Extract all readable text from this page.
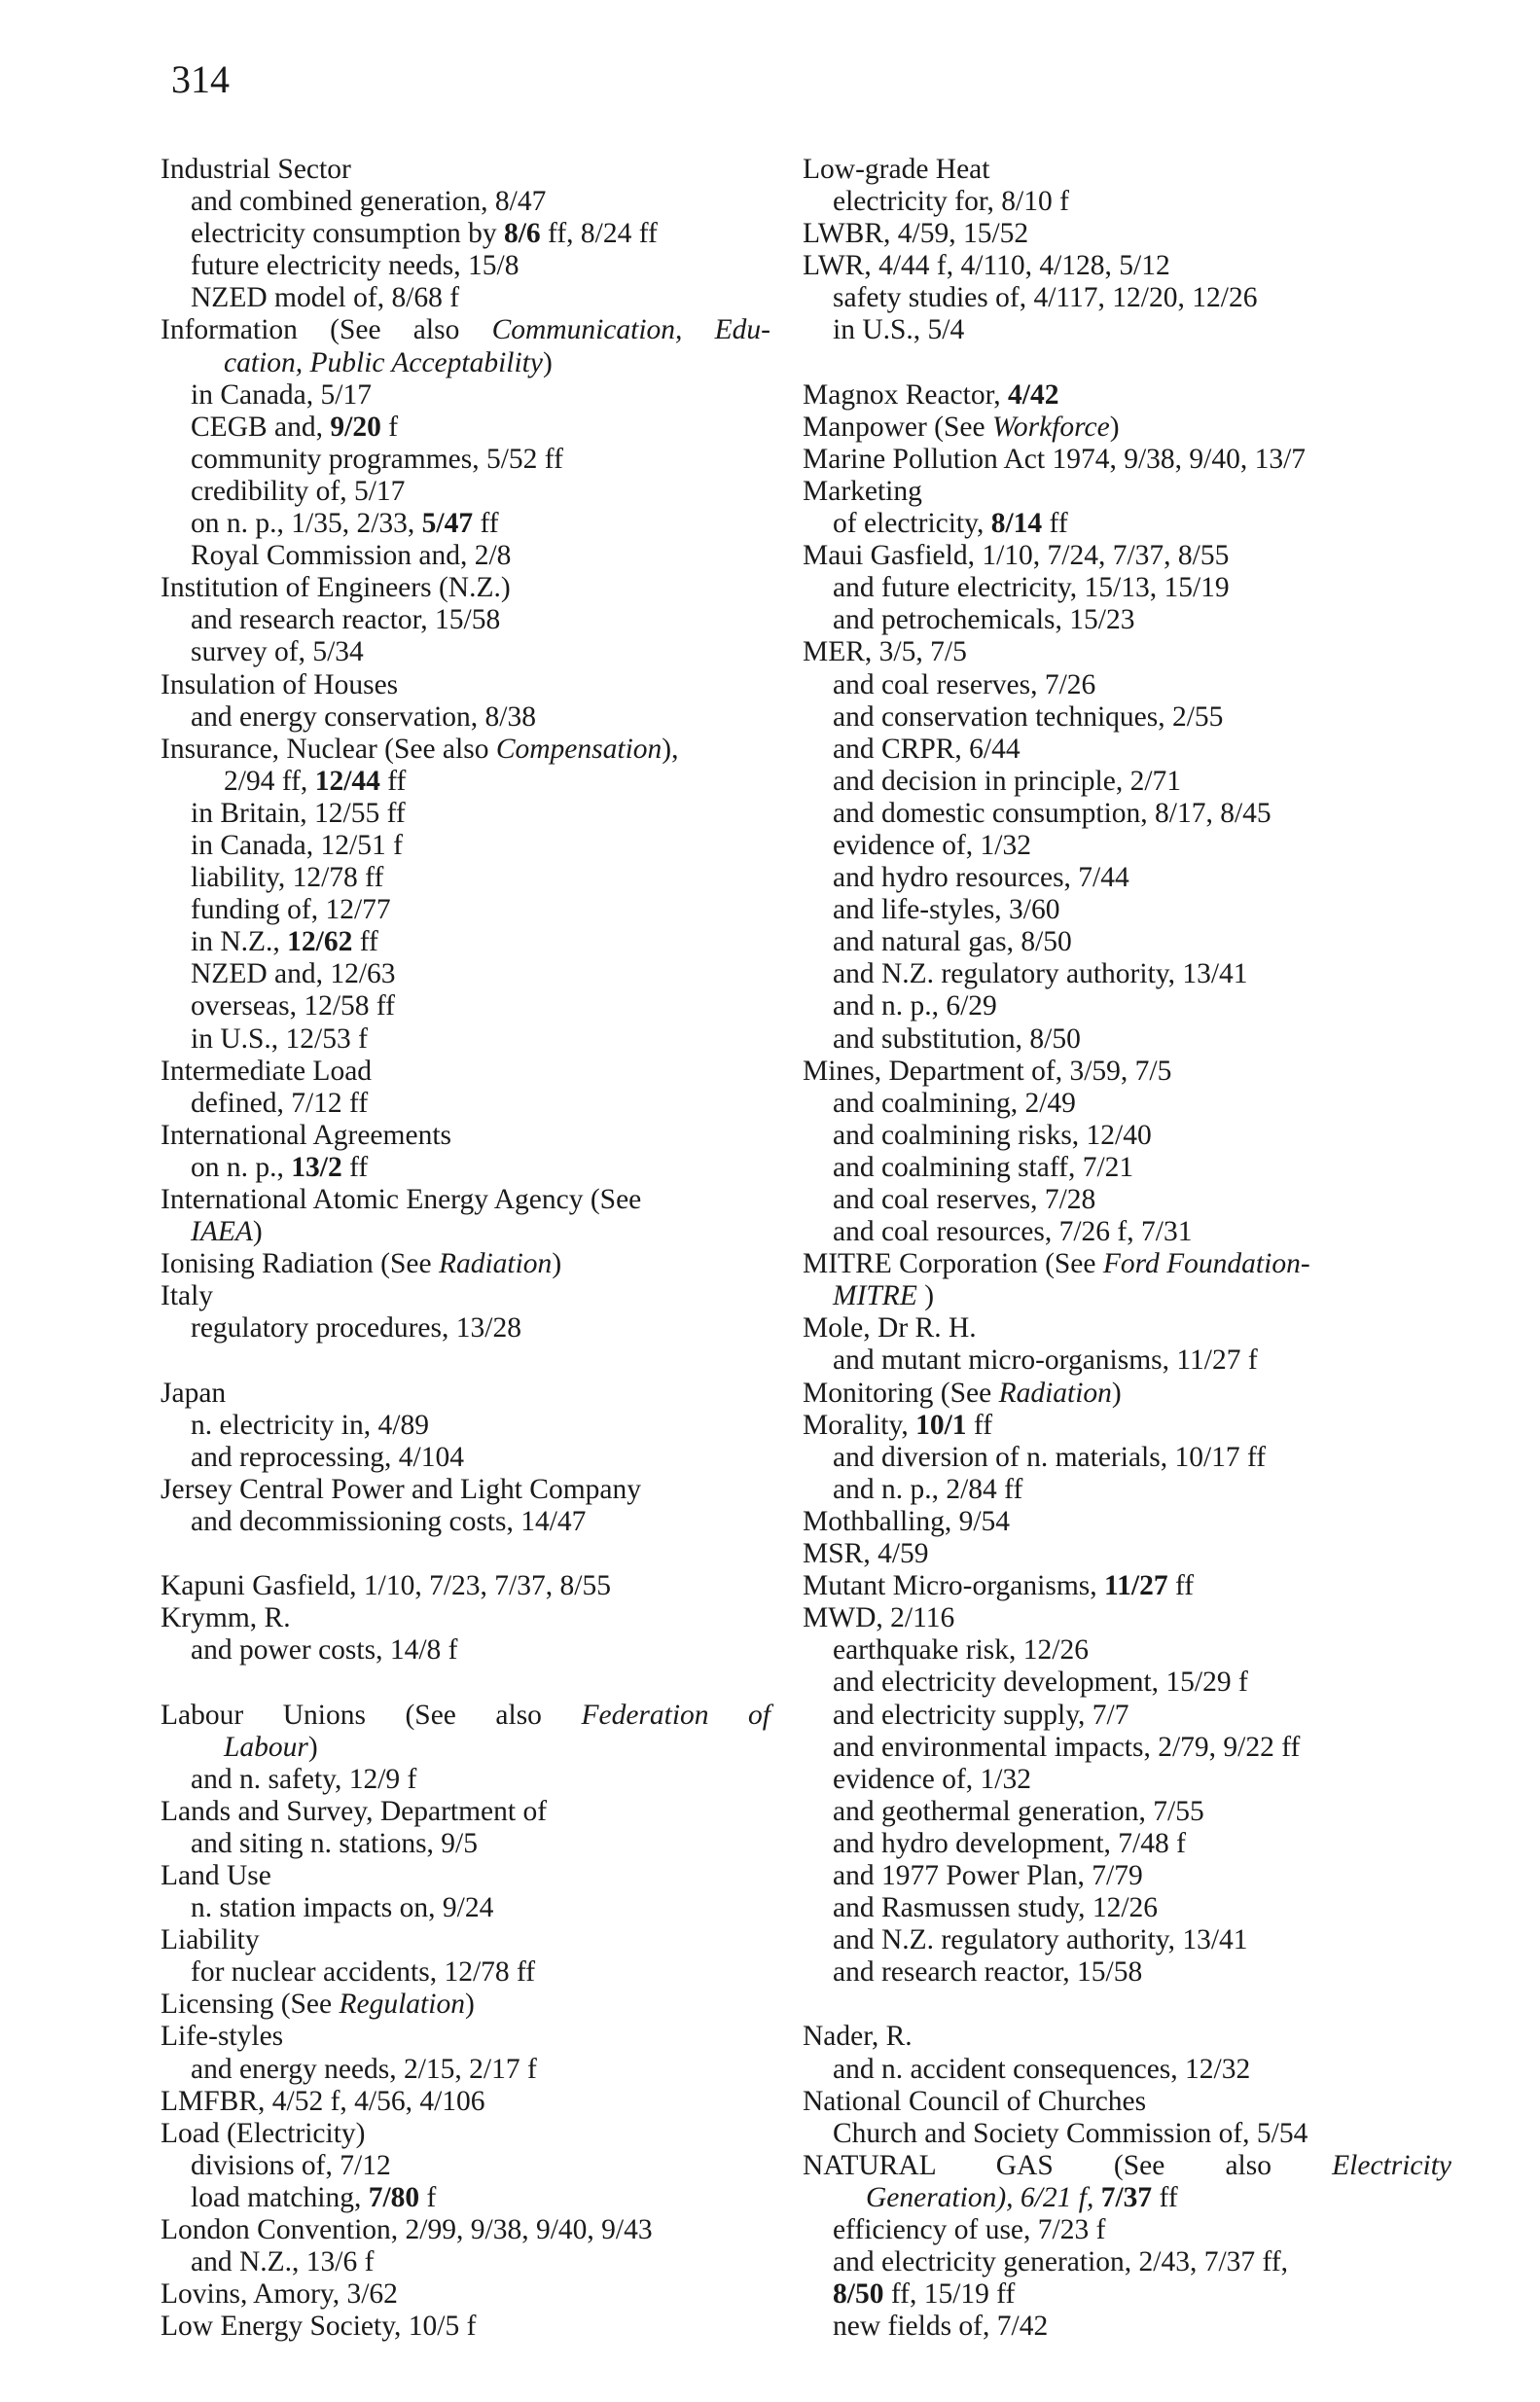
314
Industrial Sector
and combined generation, 8/47
electricity consumption by 8/6 ff, 8/24 ff
future electricity needs, 15/8
NZED model of, 8/68 f
Information (See also Communication, Edu-
cation, Public Acceptability)
in Canada, 5/17
CEGB and, 9/20 f
community programmes, 5/52 ff
credibility of, 5/17
on n. p., 1/35, 2/33, 5/47 ff
Royal Commission and, 2/8
Institution of Engineers (N.Z.)
and research reactor, 15/58
survey of, 5/34
Insulation of Houses
and energy conservation, 8/38
Insurance, Nuclear (See also Compensation),
2/94 ff, 12/44 ff
in Britain, 12/55 ff
in Canada, 12/51 f
liability, 12/78 ff
funding of, 12/77
in N.Z., 12/62 ff
NZED and, 12/63
overseas, 12/58 ff
in U.S., 12/53 f
Intermediate Load
defined, 7/12 ff
International Agreements
on n. p., 13/2 ff
International Atomic Energy Agency (See
IAEA)
Ionising Radiation (See Radiation)
Italy
regulatory procedures, 13/28
Japan
n. electricity in, 4/89
and reprocessing, 4/104
Jersey Central Power and Light Company
and decommissioning costs, 14/47
Kapuni Gasfield, 1/10, 7/23, 7/37, 8/55
Krymm, R.
and power costs, 14/8 f
Labour Unions (See also Federation of
Labour)
and n. safety, 12/9 f
Lands and Survey, Department of
and siting n. stations, 9/5
Land Use
n. station impacts on, 9/24
Liability
for nuclear accidents, 12/78 ff
Licensing (See Regulation)
Life-styles
and energy needs, 2/15, 2/17 f
LMFBR, 4/52 f, 4/56, 4/106
Load (Electricity)
divisions of, 7/12
load matching, 7/80 f
London Convention, 2/99, 9/38, 9/40, 9/43
and N.Z., 13/6 f
Lovins, Amory, 3/62
Low Energy Society, 10/5 f
Low-grade Heat
electricity for, 8/10 f
LWBR, 4/59, 15/52
LWR, 4/44 f, 4/110, 4/128, 5/12
safety studies of, 4/117, 12/20, 12/26
in U.S., 5/4
Magnox Reactor, 4/42
Manpower (See Workforce)
Marine Pollution Act 1974, 9/38, 9/40, 13/7
Marketing
of electricity, 8/14 ff
Maui Gasfield, 1/10, 7/24, 7/37, 8/55
and future electricity, 15/13, 15/19
and petrochemicals, 15/23
MER, 3/5, 7/5
and coal reserves, 7/26
and conservation techniques, 2/55
and CRPR, 6/44
and decision in principle, 2/71
and domestic consumption, 8/17, 8/45
evidence of, 1/32
and hydro resources, 7/44
and life-styles, 3/60
and natural gas, 8/50
and N.Z. regulatory authority, 13/41
and n. p., 6/29
and substitution, 8/50
Mines, Department of, 3/59, 7/5
and coalmining, 2/49
and coalmining risks, 12/40
and coalmining staff, 7/21
and coal reserves, 7/28
and coal resources, 7/26 f, 7/31
MITRE Corporation (See Ford Foundation-
MITRE )
Mole, Dr R. H.
and mutant micro-organisms, 11/27 f
Monitoring (See Radiation)
Morality, 10/1 ff
and diversion of n. materials, 10/17 ff
and n. p., 2/84 ff
Mothballing, 9/54
MSR, 4/59
Mutant Micro-organisms, 11/27 ff
MWD, 2/116
earthquake risk, 12/26
and electricity development, 15/29 f
and electricity supply, 7/7
and environmental impacts, 2/79, 9/22 ff
evidence of, 1/32
and geothermal generation, 7/55
and hydro development, 7/48 f
and 1977 Power Plan, 7/79
and Rasmussen study, 12/26
and N.Z. regulatory authority, 13/41
and research reactor, 15/58
Nader, R.
and n. accident consequences, 12/32
National Council of Churches
Church and Society Commission of, 5/54
NATURAL GAS (See also Electricity
Generation), 6/21 f, 7/37 ff
efficiency of use, 7/23 f
and electricity generation, 2/43, 7/37 ff,
8/50 ff, 15/19 ff
new fields of, 7/42
